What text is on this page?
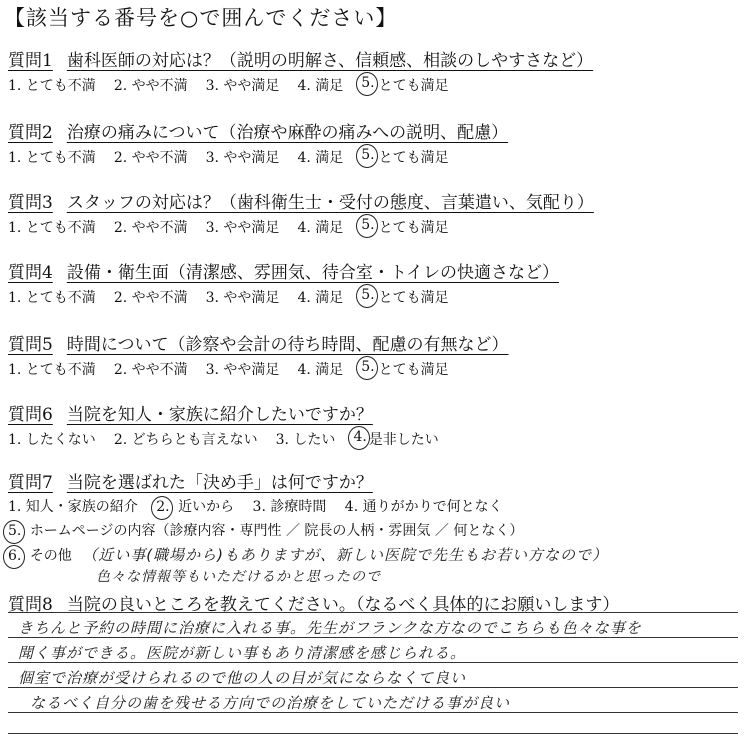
【該当する番号を○で囲んでください】
質問1 歯科医師の対応は？（説明の明解さ、信頼感、相談のしやすさなど）
1. とても不満 2. やや不満 3. やや満足 4. 満足 5. とても満足
質問2 治療の痛みについて（治療や麻酔の痛みへの説明、配慮）
1. とても不満 2. やや不満 3. やや満足 4. 満足 5. とても満足
質問3 スタッフの対応は？（歯科衛生士・受付の態度、言葉遣い、気配り）
1. とても不満 2. やや不満 3. やや満足 4. 満足 5. とても満足
質問4 設備・衛生面（清潔感、雰囲気、待合室・トイレの快適さなど）
1. とても不満 2. やや不満 3. やや満足 4. 満足 5. とても満足
質問5 時間について（診察や会計の待ち時間、配慮の有無など）
1. とても不満 2. やや不満 3. やや満足 4. 満足 5. とても満足
質問6 当院を知人・家族に紹介したいですか？
1. したくない 2. どちらとも言えない 3. したい 4. 是非したい
質問7 当院を選ばれた「決め手」は何ですか？
1. 知人・家族の紹介 2. 近いから 3. 診療時間 4. 通りがかりで何となく
5. ホームページの内容（診療内容・専門性 ／ 院長の人柄・雰囲気 ／ 何となく）
6. その他 （近い事(職場から)もありますが、新しい医院で先生もお若い方なので）
色々な情報等もいただけるかと思ったので
質問8 当院の良いところを教えてください。（なるべく具体的にお願いします）
きちんと予約の時間に治療に入れる事。先生がフランクな方なのでこちらも色々な事を
聞く事ができる。医院が新しい事もあり清潔感を感じられる。
個室で治療が受けられるので他の人の目が気にならなくて良い
なるべく自分の歯を残せる方向での治療をしていただける事が良い
